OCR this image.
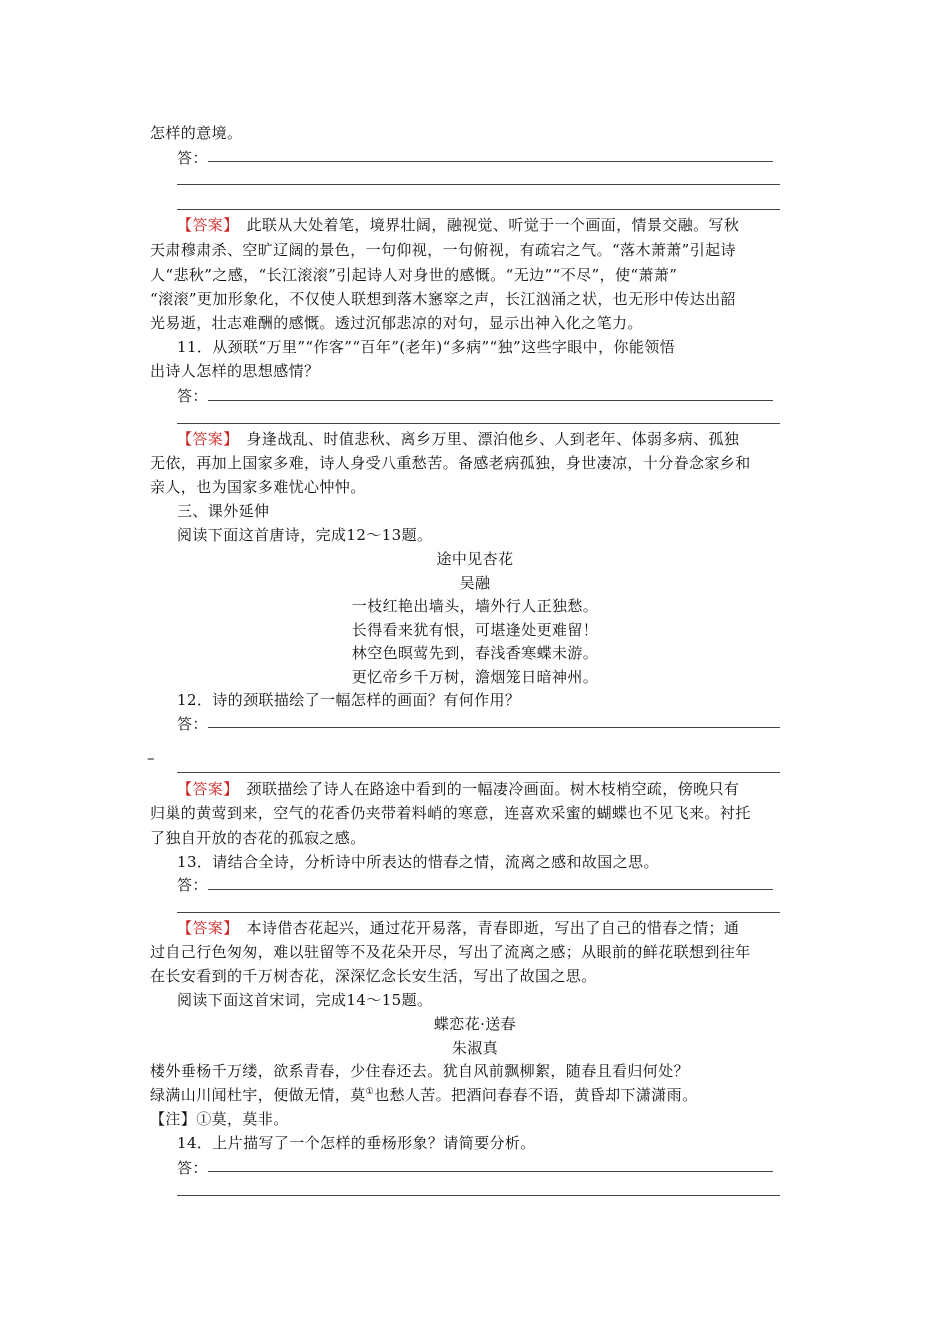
怎样的意境。
答：
【答案】　 此联从大处着笔，境界壮阔，融视觉、听觉于一个画面，情景交融。写秋
天肃穆肃杀、空旷辽阔的景色，一句仰视，一句俯视，有疏宕之气。“落木萧萧”引起诗
人“悲秋”之感，“长江滚滚”引起诗人对身世的感慨。“无边”“不尽”，使“萧萧”
“滚滚”更加形象化，不仅使人联想到落木窸窣之声，长江汹涌之状，也无形中传达出韶
光易逝，壮志难酬的感慨。透过沉郁悲凉的对句，显示出神入化之笔力。
11．从颈联“万里”“作客”“百年”(老年)“多病”“独”这些字眼中，你能领悟
出诗人怎样的思想感情？
答：
【答案】　 身逢战乱、时值悲秋、离乡万里、漂泊他乡、人到老年、体弱多病、孤独
无依，再加上国家多难，诗人身受八重愁苦。备感老病孤独，身世凄凉，十分眷念家乡和
亲人，也为国家多难忧心忡忡。
三、课外延伸
阅读下面这首唐诗，完成12～13题。
途中见杏花
吴融
一枝红艳出墙头，墙外行人正独愁。
长得看来犹有恨，可堪逢处更难留！
林空色暝莺先到，春浅香寒蝶未游。
更忆帝乡千万树，澹烟笼日暗神州。
12．诗的颈联描绘了一幅怎样的画面？有何作用？
答：
–
【答案】　 颈联描绘了诗人在路途中看到的一幅凄冷画面。树木枝梢空疏，傍晚只有
归巢的黄莺到来，空气的花香仍夹带着料峭的寒意，连喜欢采蜜的蝴蝶也不见飞来。衬托
了独自开放的杏花的孤寂之感。
13．请结合全诗，分析诗中所表达的惜春之情，流离之感和故国之思。
答：
【答案】　 本诗借杏花起兴，通过花开易落，青春即逝，写出了自己的惜春之情；通
过自己行色匆匆，难以驻留等不及花朵开尽，写出了流离之感；从眼前的鲜花联想到往年
在长安看到的千万树杏花，深深忆念长安生活，写出了故国之思。
阅读下面这首宋词，完成14～15题。
蝶恋花·送春
朱淑真
楼外垂杨千万缕，欲系青春，少住春还去。犹自风前飘柳絮，随春且看归何处？
绿满山川闻杜宇，便做无情，莫①也愁人苦。把酒问春春不语，黄昏却下潇潇雨。
【注】①莫，莫非。
14．上片描写了一个怎样的垂杨形象？请简要分析。
答：
